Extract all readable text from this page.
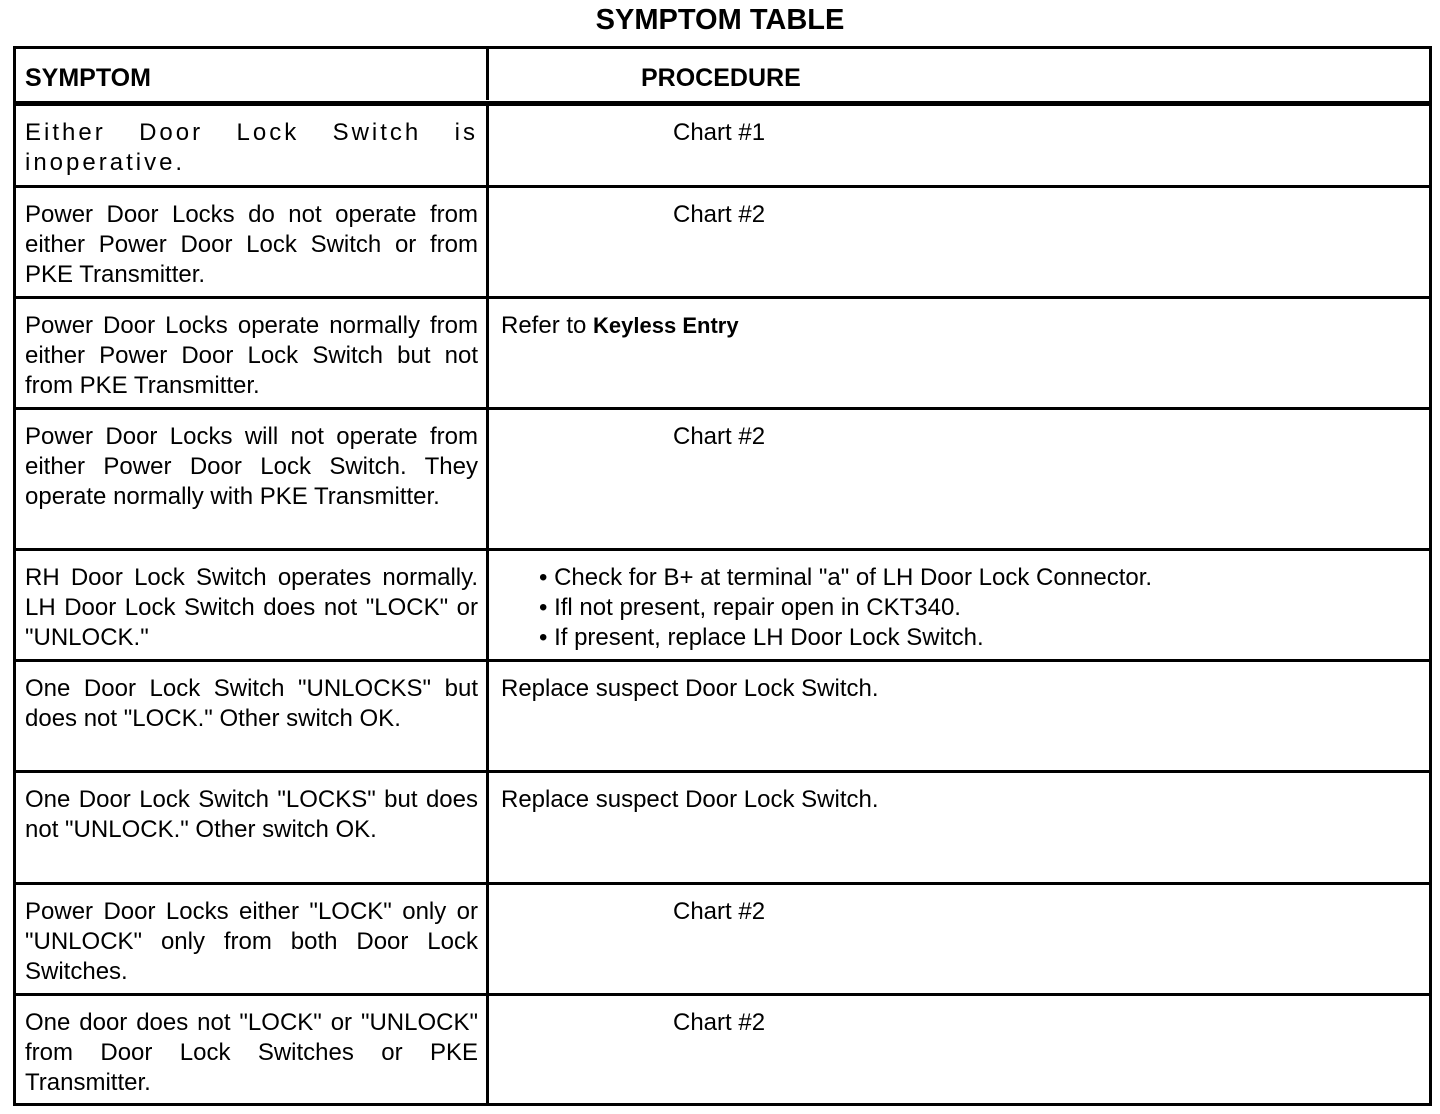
SYMPTOM TABLE
SYMPTOM	PROCEDURE
Either Door Lock Switch is inoperative.
Chart #1
Power Door Locks do not operate from either Power Door Lock Switch or from PKE Transmitter.
Chart #2
Power Door Locks operate normally from either Power Door Lock Switch but not from PKE Transmitter.
Refer to Keyless Entry
Power Door Locks will not operate from either Power Door Lock Switch. They operate normally with PKE Transmitter.
Chart #2
RH Door Lock Switch operates normally. LH Door Lock Switch does not "LOCK" or "UNLOCK."
• Check for B+ at terminal "a" of LH Door Lock Connector.
• Ifl not present, repair open in CKT340.
• If present, replace LH Door Lock Switch.
One Door Lock Switch "UNLOCKS" but does not "LOCK." Other switch OK.
Replace suspect Door Lock Switch.
One Door Lock Switch "LOCKS" but does not "UNLOCK." Other switch OK.
Replace suspect Door Lock Switch.
Power Door Locks either "LOCK" only or "UNLOCK" only from both Door Lock Switches.
Chart #2
One door does not "LOCK" or "UNLOCK" from Door Lock Switches or PKE Transmitter.
Chart #2
